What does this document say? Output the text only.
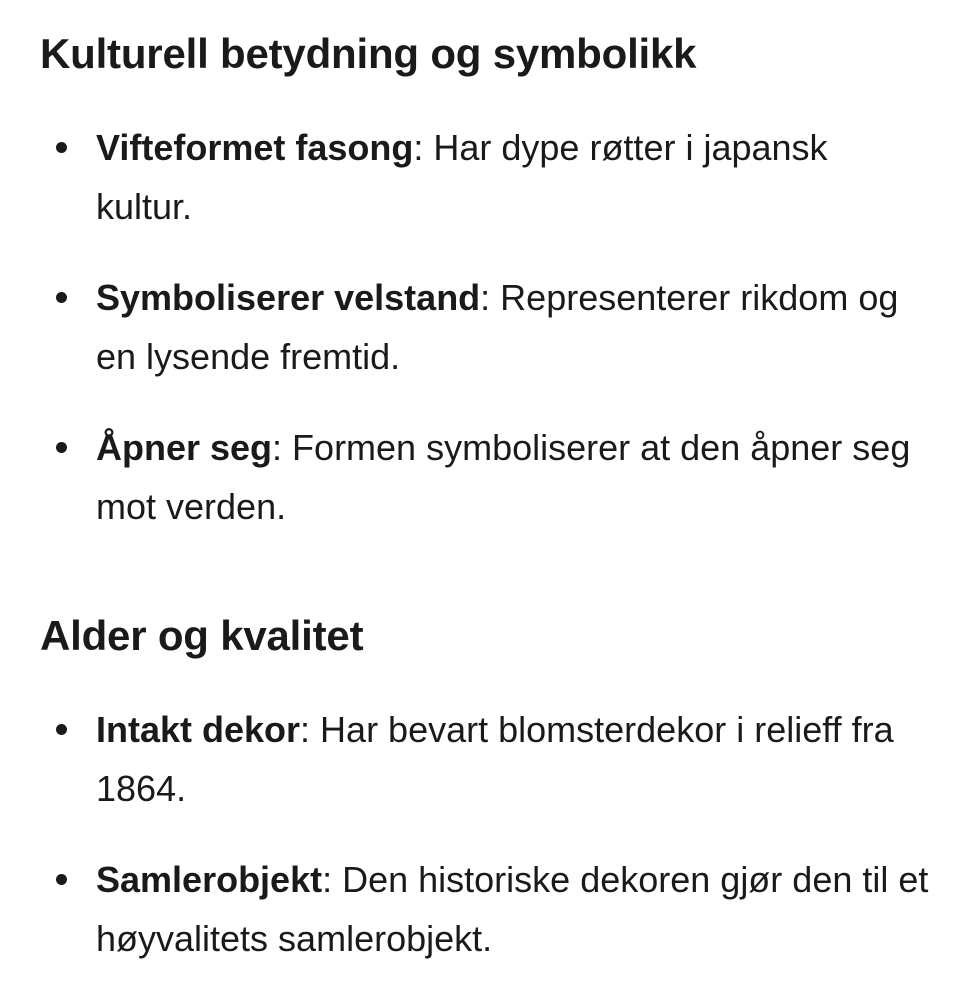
Kulturell betydning og symbolikk
Vifteformet fasong: Har dype røtter i japansk kultur.
Symboliserer velstand: Representerer rikdom og en lysende fremtid.
Åpner seg: Formen symboliserer at den åpner seg mot verden.
Alder og kvalitet
Intakt dekor: Har bevart blomsterdekor i relieff fra 1864.
Samlerobjekt: Den historiske dekoren gjør den til et høyvalitets samlerobjekt.
